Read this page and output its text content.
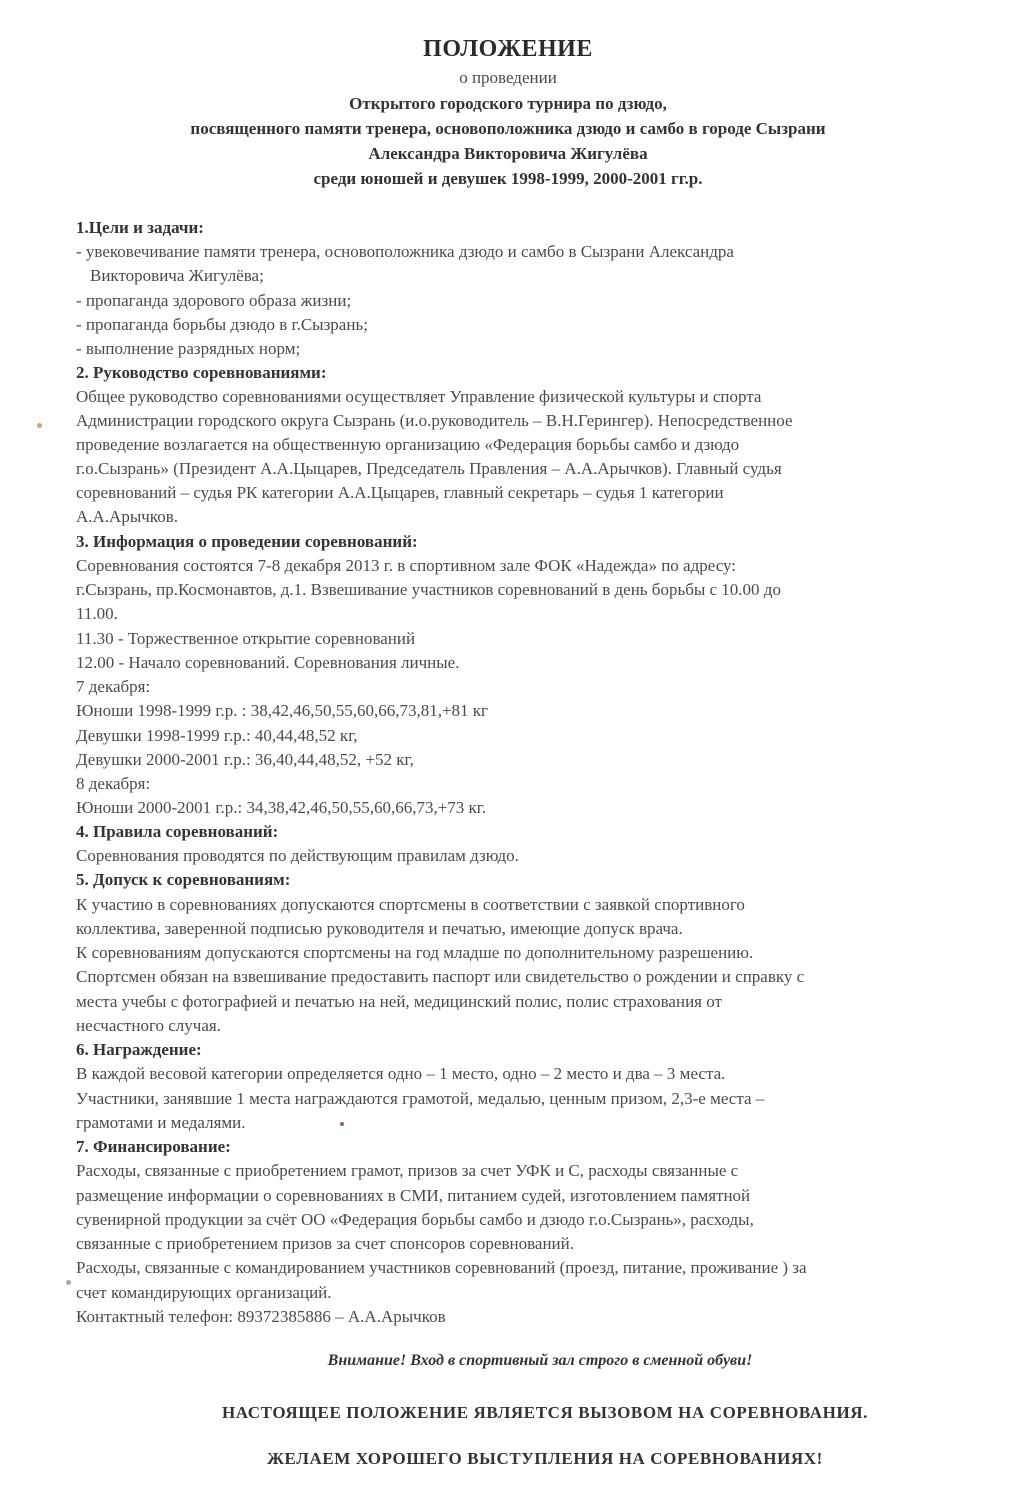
ПОЛОЖЕНИЕ
о проведении
Открытого городского турнира по дзюдо,
посвященного памяти тренера, основоположника дзюдо и самбо в городе Сызрани
Александра Викторовича Жигулёва
среди юношей и девушек 1998-1999, 2000-2001 гг.р.
1.Цели и задачи:
- увековечивание памяти тренера, основоположника дзюдо и самбо в Сызрани Александра
Викторовича Жигулёва;
- пропаганда здорового образа жизни;
- пропаганда борьбы дзюдо в г.Сызрань;
- выполнение разрядных норм;
2. Руководство соревнованиями:
Общее руководство соревнованиями осуществляет Управление физической культуры и спорта
Администрации городского округа Сызрань (и.о.руководитель – В.Н.Герингер). Непосредственное
проведение возлагается на общественную организацию «Федерация борьбы самбо и дзюдо
г.о.Сызрань» (Президент А.А.Цыцарев, Председатель Правления – А.А.Арычков). Главный судья
соревнований – судья РК категории А.А.Цыцарев, главный секретарь – судья 1 категории
А.А.Арычков.
3. Информация о проведении соревнований:
Соревнования состоятся 7-8 декабря 2013 г. в спортивном зале ФОК «Надежда» по адресу:
г.Сызрань, пр.Космонавтов, д.1. Взвешивание участников соревнований в день борьбы с 10.00 до
11.00.
11.30 - Торжественное открытие соревнований
12.00 - Начало соревнований. Соревнования личные.
7 декабря:
Юноши 1998-1999 г.р. : 38,42,46,50,55,60,66,73,81,+81 кг
Девушки 1998-1999 г.р.: 40,44,48,52 кг,
Девушки 2000-2001 г.р.: 36,40,44,48,52, +52 кг,
8 декабря:
Юноши 2000-2001 г.р.: 34,38,42,46,50,55,60,66,73,+73 кг.
4. Правила соревнований:
Соревнования проводятся по действующим правилам дзюдо.
5. Допуск к соревнованиям:
К участию в соревнованиях допускаются спортсмены в соответствии с заявкой спортивного
коллектива, заверенной подписью руководителя и печатью, имеющие допуск врача.
К соревнованиям допускаются спортсмены на год младше по дополнительному разрешению.
Спортсмен обязан на взвешивание предоставить паспорт или свидетельство о рождении и справку с
места учебы с фотографией и печатью на ней, медицинский полис, полис страхования от
несчастного случая.
6. Награждение:
В каждой весовой категории определяется одно – 1 место, одно – 2 место и два – 3 места.
Участники, занявшие 1 места награждаются грамотой, медалью, ценным призом, 2,3-е места –
грамотами и медалями.
7. Финансирование:
Расходы, связанные с приобретением грамот, призов за счет УФК и С, расходы связанные с
размещение информации о соревнованиях в СМИ, питанием судей, изготовлением памятной
сувенирной продукции за счёт ОО «Федерация борьбы самбо и дзюдо г.о.Сызрань», расходы,
связанные с приобретением призов за счет спонсоров соревнований.
Расходы, связанные с командированием участников соревнований (проезд, питание, проживание ) за
счет командирующих организаций.
Контактный телефон: 89372385886 – А.А.Арычков
Внимание! Вход в спортивный зал строго в сменной обуви!
НАСТОЯЩЕЕ ПОЛОЖЕНИЕ ЯВЛЯЕТСЯ ВЫЗОВОМ НА СОРЕВНОВАНИЯ.
ЖЕЛАЕМ ХОРОШЕГО ВЫСТУПЛЕНИЯ НА СОРЕВНОВАНИЯХ!
